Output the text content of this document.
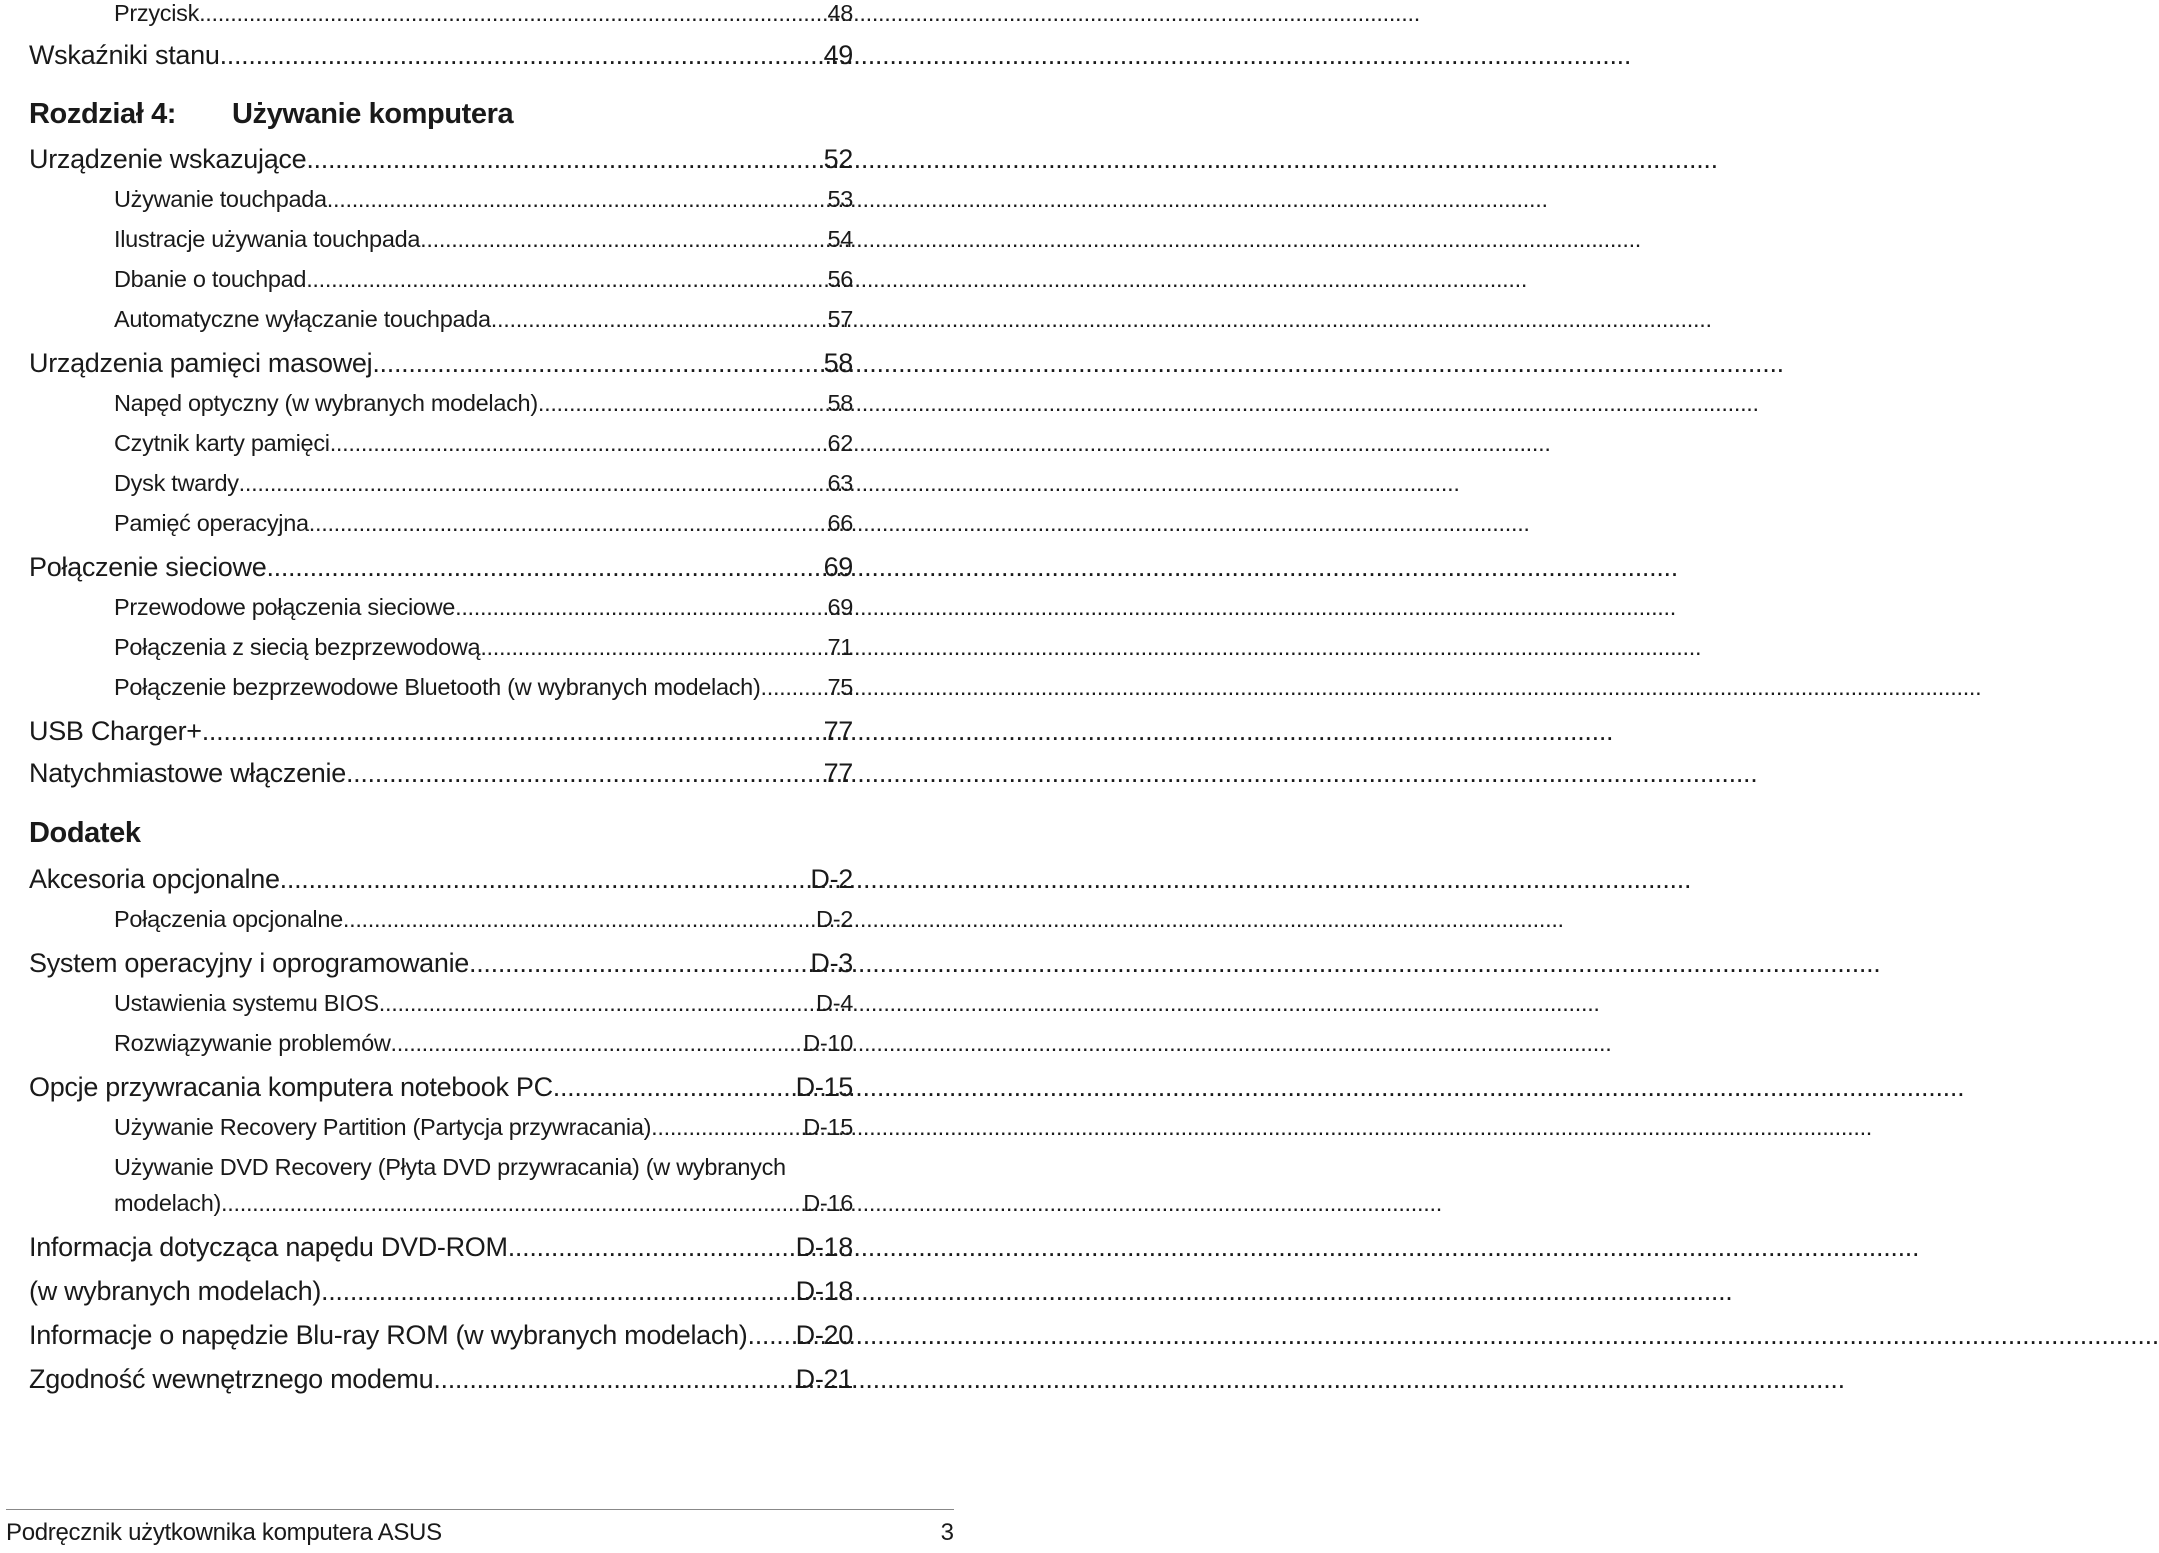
Rozdział 4: Używanie komputera
Dodatek
Przycisk .....	48
Wskaźniki stanu .....	49
Urządzenie wskazujące .....	52
Używanie touchpada .....	53
Ilustracje używania touchpada .....	54
Dbanie o touchpad .....	56
Automatyczne wyłączanie touchpada .....	57
Urządzenia pamięci masowej .....	58
Napęd optyczny (w wybranych modelach) .....	58
Czytnik karty pamięci .....	62
Dysk twardy .....	63
Pamięć operacyjna .....	66
Połączenie sieciowe .....	69
Przewodowe połączenia sieciowe .....	69
Połączenia z siecią bezprzewodową .....	71
Połączenie bezprzewodowe Bluetooth (w wybranych modelach) .....	75
USB Charger+ .....	77
Natychmiastowe włączenie .....	77
Akcesoria opcjonalne .....	D-2
Połączenia opcjonalne .....	D-2
System operacyjny i oprogramowanie .....	D-3
Ustawienia systemu BIOS .....	D-4
Rozwiązywanie problemów .....	D-10
Opcje przywracania komputera notebook PC .....	D-15
Używanie Recovery Partition (Partycja przywracania) .....	D-15
Używanie DVD Recovery (Płyta DVD przywracania) (w wybranych
modelach) .....	D-16
Informacja dotycząca napędu DVD-ROM .....	D-18
(w wybranych modelach) .....	D-18
Informacje o napędzie Blu-ray ROM (w wybranych modelach) ..... D-20
Zgodność wewnętrznego modemu .....	D-21
Podręcznik użytkownika komputera ASUS	3
